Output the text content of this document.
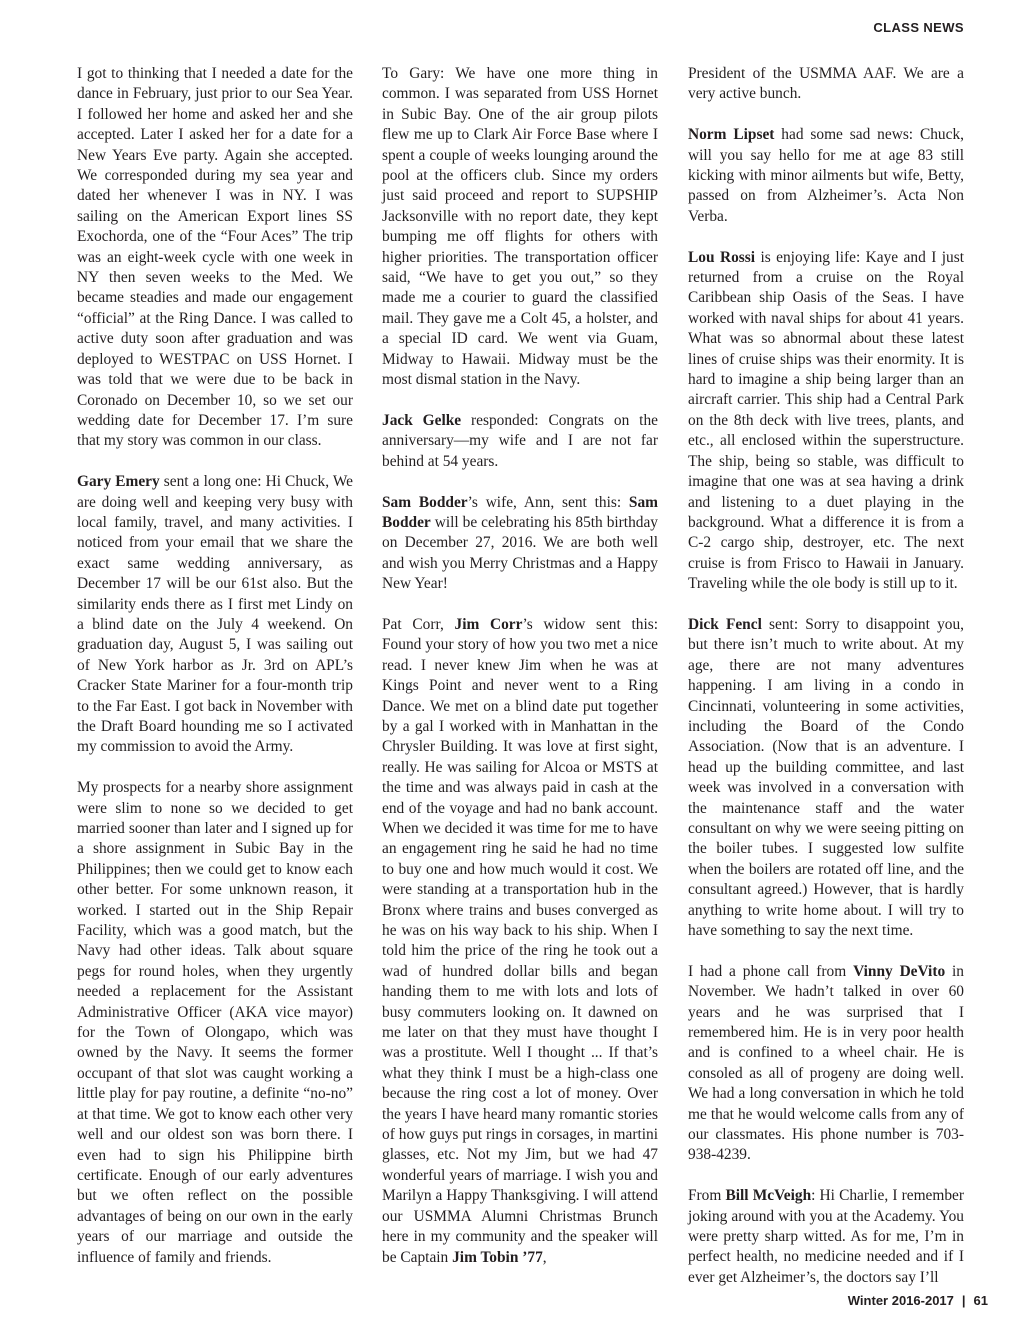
CLASS NEWS

I got to thinking that I needed a date for the dance in February, just prior to our Sea Year. I followed her home and asked her and she accepted. Later I asked her for a date for a New Years Eve party. Again she accepted. We corresponded during my sea year and dated her whenever I was in NY. I was sailing on the American Export lines SS Exochorda, one of the “Four Aces” The trip was an eight-week cycle with one week in NY then seven weeks to the Med. We became steadies and made our engagement “official” at the Ring Dance. I was called to active duty soon after graduation and was deployed to WESTPAC on USS Hornet. I was told that we were due to be back in Coronado on December 10, so we set our wedding date for December 17. I’m sure that my story was common in our class.

Gary Emery sent a long one: Hi Chuck, We are doing well and keeping very busy with local family, travel, and many activities. I noticed from your email that we share the exact same wedding anniversary, as December 17 will be our 61st also. But the similarity ends there as I first met Lindy on a blind date on the July 4 weekend. On graduation day, August 5, I was sailing out of New York harbor as Jr. 3rd on APL’s Cracker State Mariner for a four-month trip to the Far East. I got back in November with the Draft Board hounding me so I activated my commission to avoid the Army.

My prospects for a nearby shore assignment were slim to none so we decided to get married sooner than later and I signed up for a shore assignment in Subic Bay in the Philippines; then we could get to know each other better. For some unknown reason, it worked. I started out in the Ship Repair Facility, which was a good match, but the Navy had other ideas. Talk about square pegs for round holes, when they urgently needed a replacement for the Assistant Administrative Officer (AKA vice mayor) for the Town of Olongapo, which was owned by the Navy. It seems the former occupant of that slot was caught working a little play for pay routine, a definite “no-no” at that time. We got to know each other very well and our oldest son was born there. I even had to sign his Philippine birth certificate. Enough of our early adventures but we often reflect on the possible advantages of being on our own in the early years of our marriage and outside the influence of family and friends.

To Gary: We have one more thing in common. I was separated from USS Hornet in Subic Bay. One of the air group pilots flew me up to Clark Air Force Base where I spent a couple of weeks lounging around the pool at the officers club. Since my orders just said proceed and report to SUPSHIP Jacksonville with no report date, they kept bumping me off flights for others with higher priorities. The transportation officer said, “We have to get you out,” so they made me a courier to guard the classified mail. They gave me a Colt 45, a holster, and a special ID card. We went via Guam, Midway to Hawaii. Midway must be the most dismal station in the Navy.

Jack Gelke responded: Congrats on the anniversary—my wife and I are not far behind at 54 years.

Sam Bodder’s wife, Ann, sent this: Sam Bodder will be celebrating his 85th birthday on December 27, 2016. We are both well and wish you Merry Christmas and a Happy New Year!

Pat Corr, Jim Corr’s widow sent this: Found your story of how you two met a nice read. I never knew Jim when he was at Kings Point and never went to a Ring Dance. We met on a blind date put together by a gal I worked with in Manhattan in the Chrysler Building. It was love at first sight, really. He was sailing for Alcoa or MSTS at the time and was always paid in cash at the end of the voyage and had no bank account. When we decided it was time for me to have an engagement ring he said he had no time to buy one and how much would it cost. We were standing at a transportation hub in the Bronx where trains and buses converged as he was on his way back to his ship. When I told him the price of the ring he took out a wad of hundred dollar bills and began handing them to me with lots and lots of busy commuters looking on. It dawned on me later on that they must have thought I was a prostitute. Well I thought ... If that’s what they think I must be a high-class one because the ring cost a lot of money. Over the years I have heard many romantic stories of how guys put rings in corsages, in martini glasses, etc. Not my Jim, but we had 47 wonderful years of marriage. I wish you and Marilyn a Happy Thanksgiving. I will attend our USMMA Alumni Christmas Brunch here in my community and the speaker will be Captain Jim Tobin ’77,

President of the USMMA AAF. We are a very active bunch.

Norm Lipset had some sad news: Chuck, will you say hello for me at age 83 still kicking with minor ailments but wife, Betty, passed on from Alzheimer’s. Acta Non Verba.

Lou Rossi is enjoying life: Kaye and I just returned from a cruise on the Royal Caribbean ship Oasis of the Seas. I have worked with naval ships for about 41 years. What was so abnormal about these latest lines of cruise ships was their enormity. It is hard to imagine a ship being larger than an aircraft carrier. This ship had a Central Park on the 8th deck with live trees, plants, and etc., all enclosed within the superstructure. The ship, being so stable, was difficult to imagine that one was at sea having a drink and listening to a duet playing in the background. What a difference it is from a C-2 cargo ship, destroyer, etc. The next cruise is from Frisco to Hawaii in January. Traveling while the ole body is still up to it.

Dick Fencl sent: Sorry to disappoint you, but there isn’t much to write about. At my age, there are not many adventures happening. I am living in a condo in Cincinnati, volunteering in some activities, including the Board of the Condo Association. (Now that is an adventure. I head up the building committee, and last week was involved in a conversation with the maintenance staff and the water consultant on why we were seeing pitting on the boiler tubes. I suggested low sulfite when the boilers are rotated off line, and the consultant agreed.) However, that is hardly anything to write home about. I will try to have something to say the next time.

I had a phone call from Vinny DeVito in November. We hadn’t talked in over 60 years and he was surprised that I remembered him. He is in very poor health and is confined to a wheel chair. He is consoled as all of progeny are doing well. We had a long conversation in which he told me that he would welcome calls from any of our classmates. His phone number is 703-938-4239.

From Bill McVeigh: Hi Charlie, I remember joking around with you at the Academy. You were pretty sharp witted. As for me, I’m in perfect health, no medicine needed and if I ever get Alzheimer’s, the doctors say I’ll

Winter 2016-2017 | 61
